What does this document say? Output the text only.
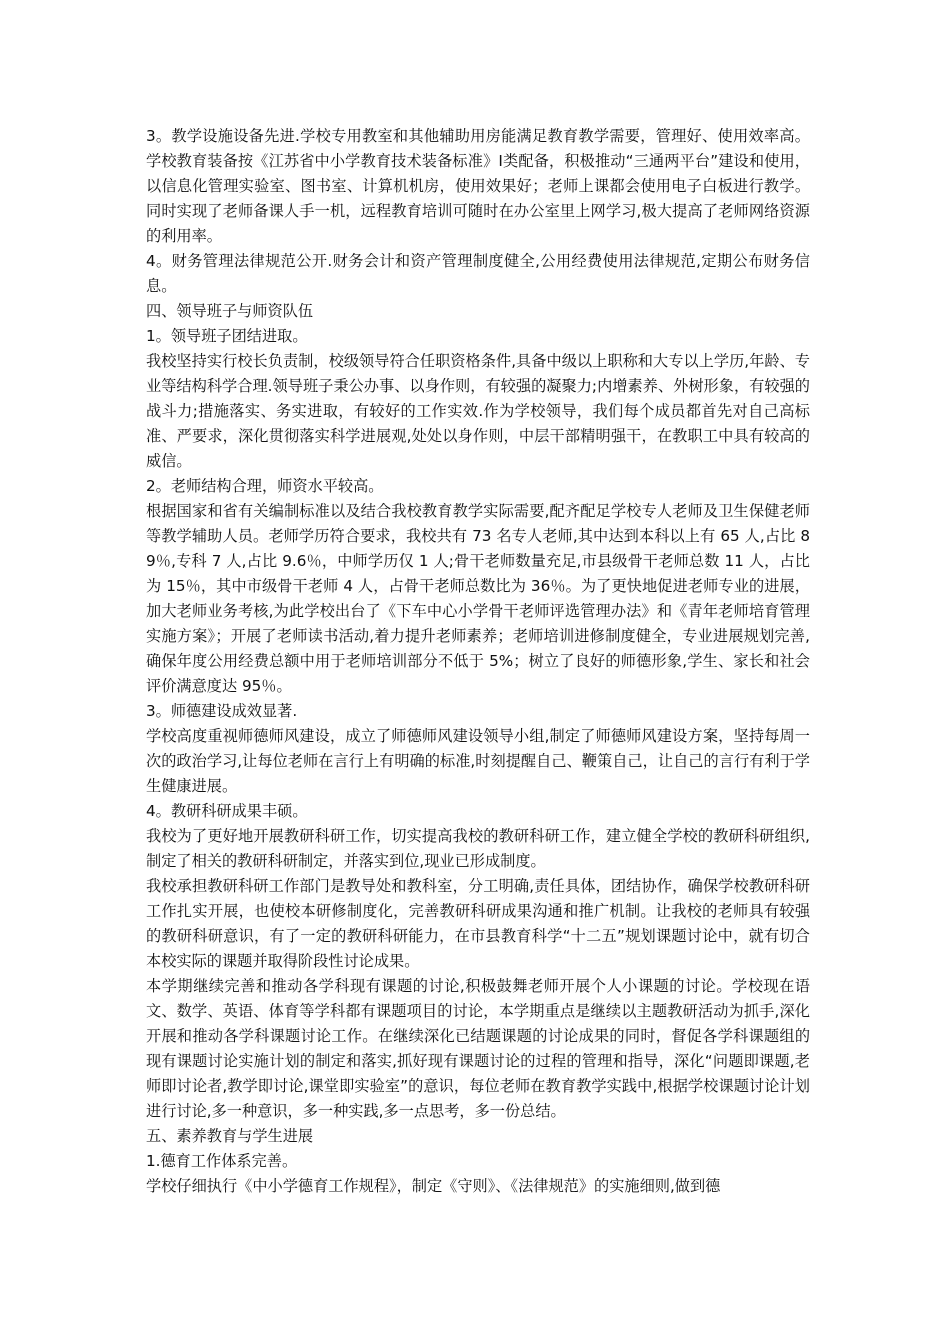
3。教学设施设备先进.学校专用教室和其他辅助用房能满足教育教学需要，管理好、使用效率高。学校教育装备按《江苏省中小学教育技术装备标准》Ⅰ类配备，积极推动“三通两平台”建设和使用，以信息化管理实验室、图书室、计算机机房，使用效果好；老师上课都会使用电子白板进行教学。同时实现了老师备课人手一机，远程教育培训可随时在办公室里上网学习,极大提高了老师网络资源的利用率。

4。财务管理法律规范公开.财务会计和资产管理制度健全,公用经费使用法律规范,定期公布财务信息。

四、领导班子与师资队伍

1。领导班子团结进取。

我校坚持实行校长负责制，校级领导符合任职资格条件,具备中级以上职称和大专以上学历,年龄、专业等结构科学合理.领导班子秉公办事、以身作则，有较强的凝聚力;内增素养、外树形象，有较强的战斗力;措施落实、务实进取，有较好的工作实效.作为学校领导，我们每个成员都首先对自己高标准、严要求，深化贯彻落实科学进展观,处处以身作则，中层干部精明强干，在教职工中具有较高的威信。

2。老师结构合理，师资水平较高。

根据国家和省有关编制标准以及结合我校教育教学实际需要,配齐配足学校专人老师及卫生保健老师等教学辅助人员。老师学历符合要求，我校共有 73 名专人老师,其中达到本科以上有 65 人,占比 89％,专科 7 人,占比 9.6％，中师学历仅 1 人;骨干老师数量充足,市县级骨干老师总数 11 人，占比为 15％，其中市级骨干老师 4 人，占骨干老师总数比为 36％。为了更快地促进老师专业的进展，加大老师业务考核,为此学校出台了《下车中心小学骨干老师评选管理办法》和《青年老师培育管理实施方案》；开展了老师读书活动,着力提升老师素养；老师培训进修制度健全，专业进展规划完善,确保年度公用经费总额中用于老师培训部分不低于 5%；树立了良好的师德形象,学生、家长和社会评价满意度达 95％。

3。师德建设成效显著.

学校高度重视师德师风建设，成立了师德师风建设领导小组,制定了师德师风建设方案，坚持每周一次的政治学习,让每位老师在言行上有明确的标准,时刻提醒自己、鞭策自己，让自己的言行有利于学生健康进展。

4。教研科研成果丰硕。

我校为了更好地开展教研科研工作，切实提高我校的教研科研工作，建立健全学校的教研科研组织,制定了相关的教研科研制定，并落实到位,现业已形成制度。

我校承担教研科研工作部门是教导处和教科室，分工明确,责任具体，团结协作，确保学校教研科研工作扎实开展，也使校本研修制度化，完善教研科研成果沟通和推广机制。让我校的老师具有较强的教研科研意识，有了一定的教研科研能力，在市县教育科学“十二五”规划课题讨论中，就有切合本校实际的课题并取得阶段性讨论成果。

本学期继续完善和推动各学科现有课题的讨论,积极鼓舞老师开展个人小课题的讨论。学校现在语文、数学、英语、体育等学科都有课题项目的讨论，本学期重点是继续以主题教研活动为抓手,深化开展和推动各学科课题讨论工作。在继续深化已结题课题的讨论成果的同时，督促各学科课题组的现有课题讨论实施计划的制定和落实,抓好现有课题讨论的过程的管理和指导，深化“问题即课题,老师即讨论者,教学即讨论,课堂即实验室”的意识，每位老师在教育教学实践中,根据学校课题讨论计划进行讨论,多一种意识，多一种实践,多一点思考，多一份总结。

五、素养教育与学生进展

1.德育工作体系完善。

学校仔细执行《中小学德育工作规程》，制定《守则》、《法律规范》的实施细则,做到德
